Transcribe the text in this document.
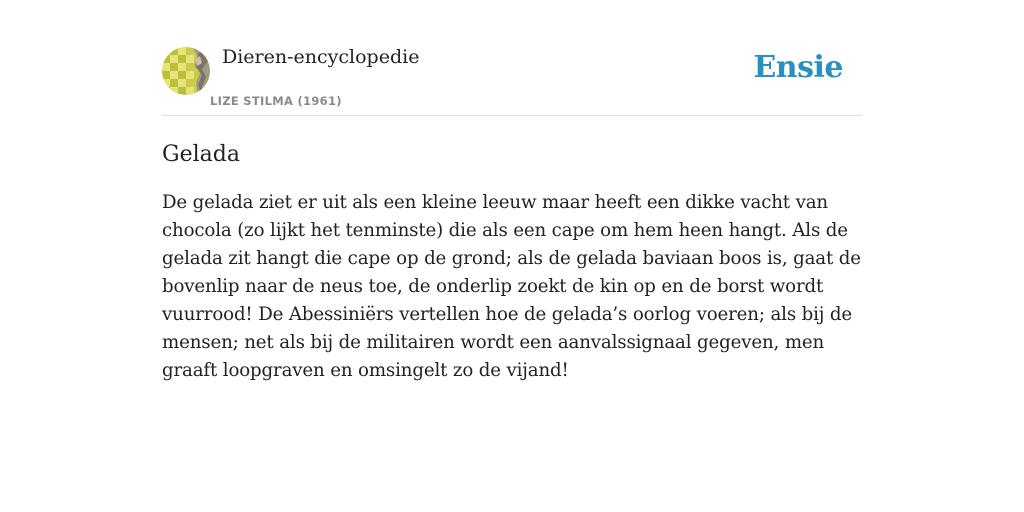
Dieren-encyclopedie
LIZE STILMA (1961)
Ensie
Gelada

De gelada ziet er uit als een kleine leeuw maar heeft een dikke vacht van chocola (zo lijkt het tenminste) die als een cape om hem heen hangt. Als de gelada zit hangt die cape op de grond; als de gelada baviaan boos is, gaat de bovenlip naar de neus toe, de onderlip zoekt de kin op en de borst wordt vuurrood! De Abessiniërs vertellen hoe de gelada’s oorlog voeren; als bij de mensen; net als bij de militairen wordt een aanvalssignaal gegeven, men graaft loopgraven en omsingelt zo de vijand!
